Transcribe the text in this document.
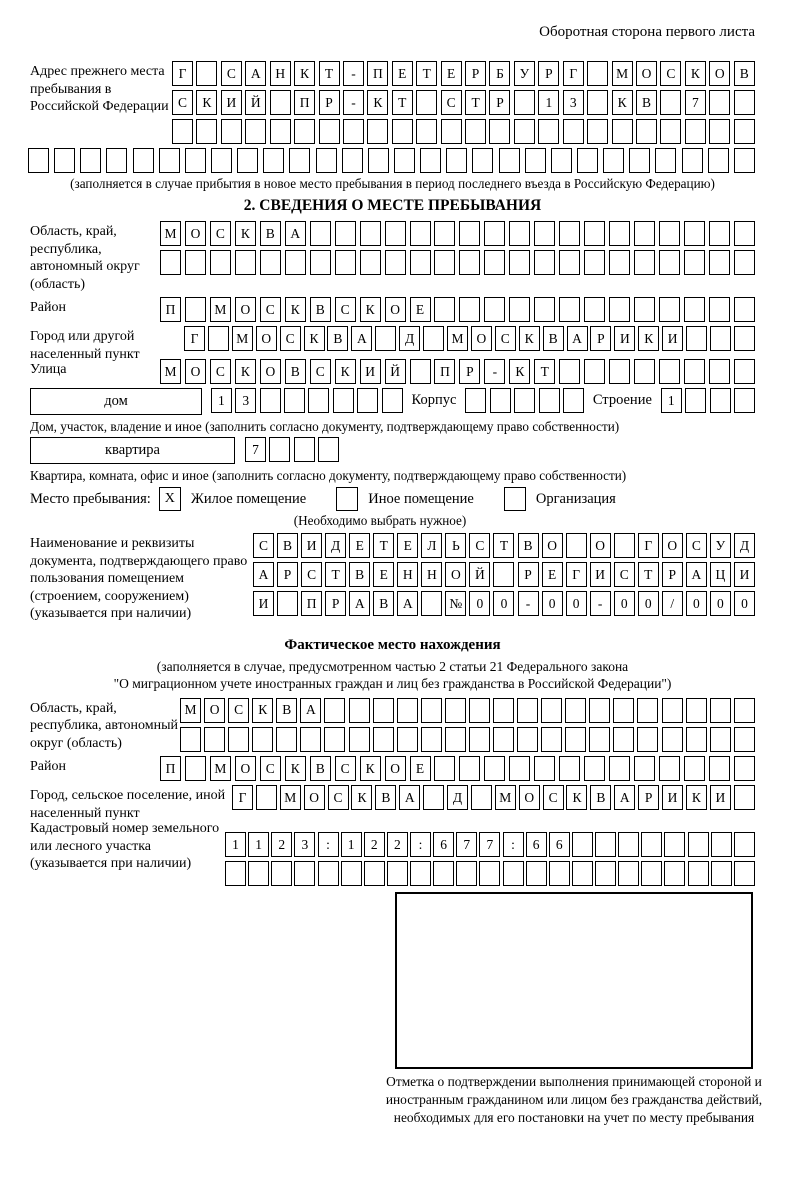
Оборотная сторона первого листа
Адрес прежнего места пребывания в Российской Федерации
Г	С	А	Н	К	Т	-	П	Е	Т	Е	Р	Б	У	Р	Г	М	О	С	К	О	В
С	К	И	Й	П	Р	-	К	Т	С	Т	Р	1	3	К	В	7
(заполняется в случае прибытия в новое место пребывания в период последнего въезда в Российскую Федерацию)
2. СВЕДЕНИЯ О МЕСТЕ ПРЕБЫВАНИЯ
Область, край, республика, автономный округ (область)
М	О	С	К	В	А
Район	П	М	О	С	К	В	С	К	О	Е
Город или другой населенный пункт
Г	М О	С	К	В	А	Д	М О	С	К	В	А	Р	И	К	И
Улица	М	О	С	К	О	В	С	К	И	Й	П	Р	-	К	Т
дом	1	3	Корпус	Строение	1
Дом, участок, владение и иное (заполнить согласно документу, подтверждающему право собственности)
квартира	7
Квартира, комната, офис и иное (заполнить согласно документу, подтверждающему право собственности)
Место пребывания: X	Жилое помещение	Иное помещение	Организация
(Необходимо выбрать нужное)
Наименование и реквизиты документа, подтверждающего право пользования помещением (строением, сооружением) (указывается при наличии)
С	В	И	Д	Е	Т	Е	Л	Ь	С	Т	В	О	О	Г	О	С	У	Д
А	Р	С	Т	В	Е	Н	Н	О	Й	Р	Е	Г	И	С	Т	Р	А	Ц	И
И	П	Р	А	В	А	№	0	0	-	0	0	-	0	0	/	0	0	0
Фактическое место нахождения
(заполняется в случае, предусмотренном частью 2 статьи 21 Федерального закона
"О миграционном учете иностранных граждан и лиц без гражданства в Российской Федерации")
Область, край, республика, автономный округ (область)
М О	С	К	В	А
Район	П	М	О	С	К	В	С	К	О	Е
Город, сельское поселение, иной населенный пункт
Г	М О	С	К	В	А	Д	М О	С	К	В	А	Р	И	К	И
Кадастровый номер земельного или лесного участка (указывается при наличии)
1	1	2	3	:	1	2	2	:	6	7	7	:	6	6
Отметка о подтверждении выполнения принимающей стороной и иностранным гражданином или лицом без гражданства действий, необходимых для его постановки на учет по месту пребывания
